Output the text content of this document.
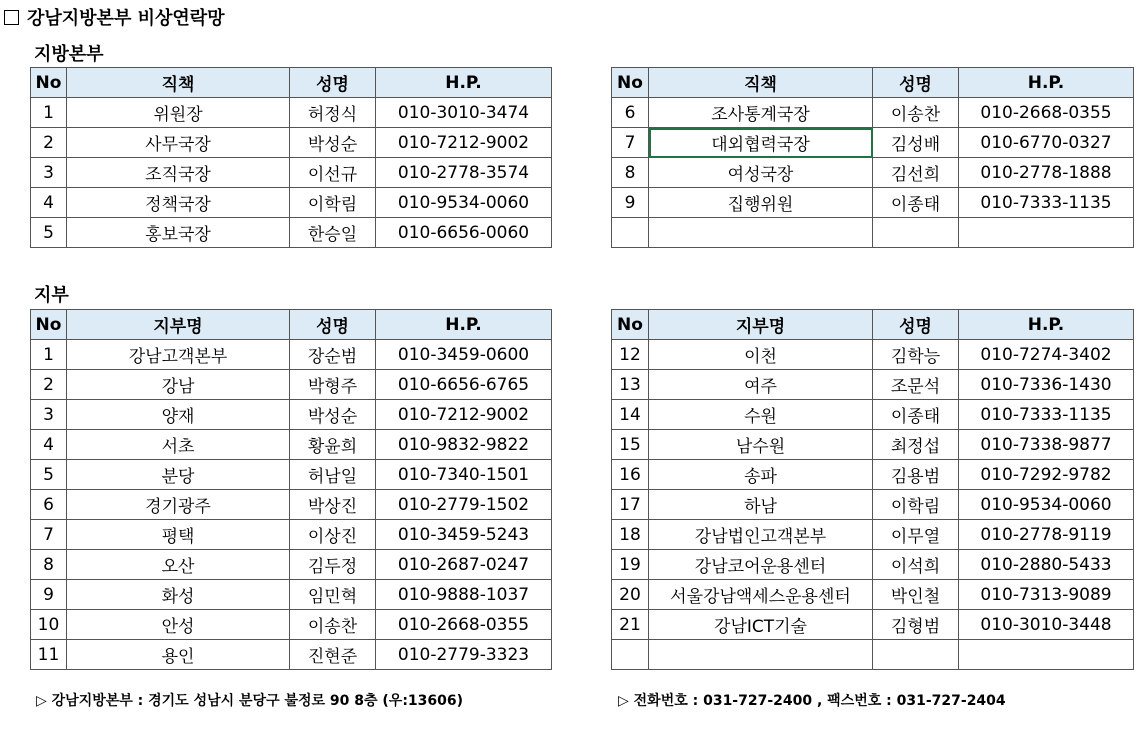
강남지방본부 비상연락망
지방본부
지부
No	직책	성명	H.P.
1	위원장	허정식	010-3010-3474
2	사무국장	박성순	010-7212-9002
3	조직국장	이선규	010-2778-3574
4	정책국장	이학림	010-9534-0060
5	홍보국장	한승일	010-6656-0060
No	직책	성명	H.P.
6	조사통계국장	이송찬	010-2668-0355
7	대외협력국장	김성배	010-6770-0327
8	여성국장	김선희	010-2778-1888
9	집행위원	이종태	010-7333-1135

No	지부명	성명	H.P.
1	강남고객본부	장순범	010-3459-0600
2	강남	박형주	010-6656-6765
3	양재	박성순	010-7212-9002
4	서초	황윤희	010-9832-9822
5	분당	허남일	010-7340-1501
6	경기광주	박상진	010-2779-1502
7	평택	이상진	010-3459-5243
8	오산	김두정	010-2687-0247
9	화성	임민혁	010-9888-1037
10	안성	이송찬	010-2668-0355
11	용인	진현준	010-2779-3323
No	지부명	성명	H.P.
12	이천	김학능	010-7274-3402
13	여주	조문석	010-7336-1430
14	수원	이종태	010-7333-1135
15	남수원	최정섭	010-7338-9877
16	송파	김용범	010-7292-9782
17	하남	이학림	010-9534-0060
18	강남법인고객본부	이무열	010-2778-9119
19	강남코어운용센터	이석희	010-2880-5433
20	서울강남액세스운용센터	박인철	010-7313-9089
21	강남ICT기술	김형범	010-3010-3448

▷ 강남지방본부 : 경기도 성남시 분당구 불정로 90 8층 (우:13606)	▷ 전화번호 : 031-727-2400 , 팩스번호 : 031-727-2404
